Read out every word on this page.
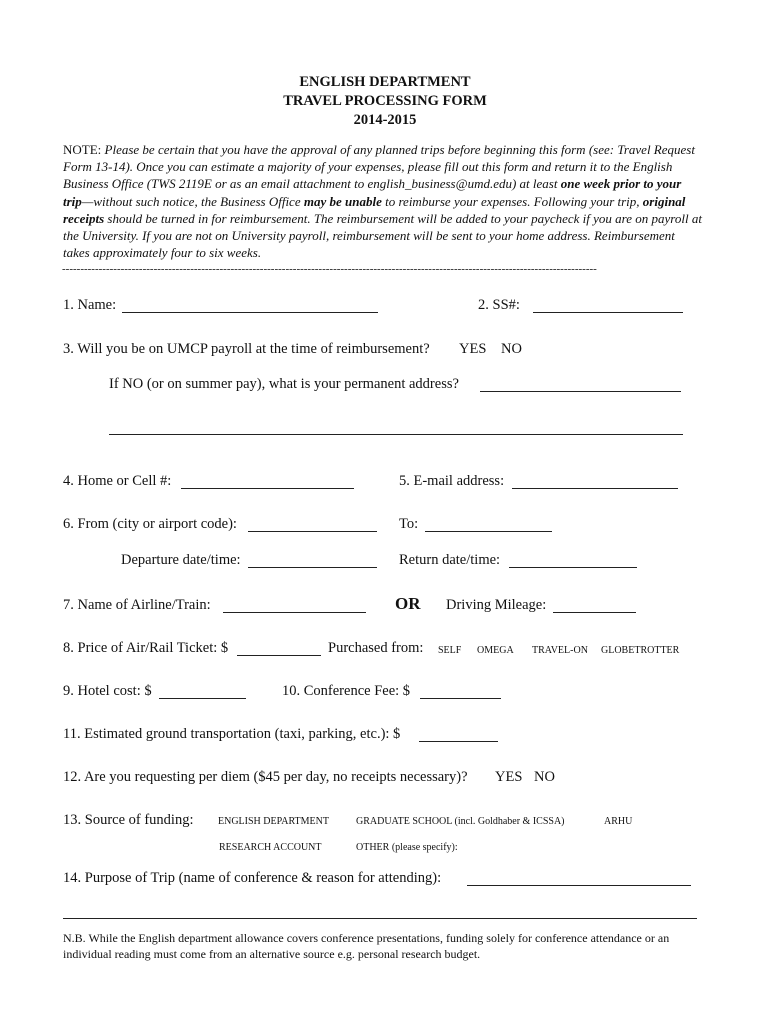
ENGLISH DEPARTMENT
TRAVEL PROCESSING FORM
2014-2015
NOTE: Please be certain that you have the approval of any planned trips before beginning this form (see: Travel Request Form 13-14). Once you can estimate a majority of your expenses, please fill out this form and return it to the English Business Office (TWS 2119E or as an email attachment to english_business@umd.edu) at least one week prior to your trip—without such notice, the Business Office may be unable to reimburse your expenses. Following your trip, original receipts should be turned in for reimbursement. The reimbursement will be added to your paycheck if you are on payroll at the University. If you are not on University payroll, reimbursement will be sent to your home address. Reimbursement takes approximately four to six weeks.
--------------------------------------------------------------------------------------------------------------------------------------------------
1. Name:	2. SS#:
3. Will you be on UMCP payroll at the time of reimbursement? YES NO
If NO (or on summer pay), what is your permanent address?
4. Home or Cell #:	5. E-mail address:
6. From (city or airport code):	To:
Departure date/time:	Return date/time:
7. Name of Airline/Train:	OR Driving Mileage:
8. Price of Air/Rail Ticket: $	Purchased from: SELF OMEGA TRAVEL-ON GLOBETROTTER
9. Hotel cost: $	10. Conference Fee: $
11. Estimated ground transportation (taxi, parking, etc.): $
12. Are you requesting per diem ($45 per day, no receipts necessary)? YES NO
13. Source of funding: ENGLISH DEPARTMENT	GRADUATE SCHOOL (incl. Goldhaber & ICSSA)	ARHU
RESEARCH ACCOUNT	OTHER (please specify):
14. Purpose of Trip (name of conference & reason for attending):
N.B. While the English department allowance covers conference presentations, funding solely for conference attendance or an individual reading must come from an alternative source e.g. personal research budget.
